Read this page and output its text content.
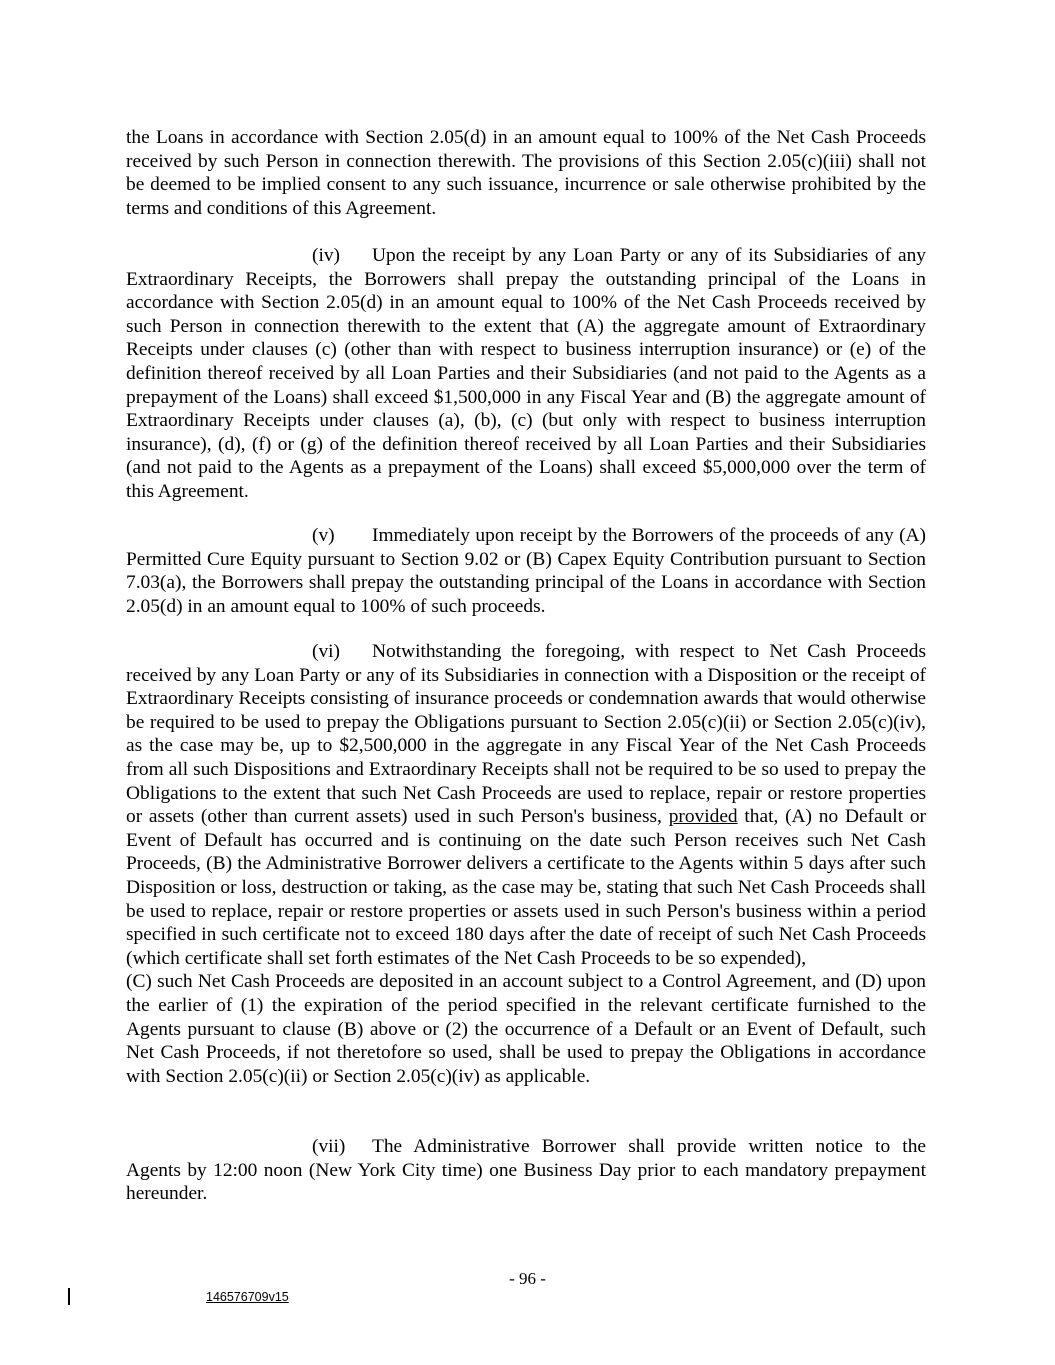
the Loans in accordance with Section 2.05(d) in an amount equal to 100% of the Net Cash Proceeds received by such Person in connection therewith. The provisions of this Section 2.05(c)(iii) shall not be deemed to be implied consent to any such issuance, incurrence or sale otherwise prohibited by the terms and conditions of this Agreement.

(iv) Upon the receipt by any Loan Party or any of its Subsidiaries of any Extraordinary Receipts, the Borrowers shall prepay the outstanding principal of the Loans in accordance with Section 2.05(d) in an amount equal to 100% of the Net Cash Proceeds received by such Person in connection therewith to the extent that (A) the aggregate amount of Extraordinary Receipts under clauses (c) (other than with respect to business interruption insurance) or (e) of the definition thereof received by all Loan Parties and their Subsidiaries (and not paid to the Agents as a prepayment of the Loans) shall exceed $1,500,000 in any Fiscal Year and (B) the aggregate amount of Extraordinary Receipts under clauses (a), (b), (c) (but only with respect to business interruption insurance), (d), (f) or (g) of the definition thereof received by all Loan Parties and their Subsidiaries (and not paid to the Agents as a prepayment of the Loans) shall exceed $5,000,000 over the term of this Agreement.

(v) Immediately upon receipt by the Borrowers of the proceeds of any (A) Permitted Cure Equity pursuant to Section 9.02 or (B) Capex Equity Contribution pursuant to Section 7.03(a), the Borrowers shall prepay the outstanding principal of the Loans in accordance with Section 2.05(d) in an amount equal to 100% of such proceeds.

(vi) Notwithstanding the foregoing, with respect to Net Cash Proceeds received by any Loan Party or any of its Subsidiaries in connection with a Disposition or the receipt of Extraordinary Receipts consisting of insurance proceeds or condemnation awards that would otherwise be required to be used to prepay the Obligations pursuant to Section 2.05(c)(ii) or Section 2.05(c)(iv), as the case may be, up to $2,500,000 in the aggregate in any Fiscal Year of the Net Cash Proceeds from all such Dispositions and Extraordinary Receipts shall not be required to be so used to prepay the Obligations to the extent that such Net Cash Proceeds are used to replace, repair or restore properties or assets (other than current assets) used in such Person's business, provided that, (A) no Default or Event of Default has occurred and is continuing on the date such Person receives such Net Cash Proceeds, (B) the Administrative Borrower delivers a certificate to the Agents within 5 days after such Disposition or loss, destruction or taking, as the case may be, stating that such Net Cash Proceeds shall be used to replace, repair or restore properties or assets used in such Person's business within a period specified in such certificate not to exceed 180 days after the date of receipt of such Net Cash Proceeds (which certificate shall set forth estimates of the Net Cash Proceeds to be so expended),
(C) such Net Cash Proceeds are deposited in an account subject to a Control Agreement, and (D) upon the earlier of (1) the expiration of the period specified in the relevant certificate furnished to the Agents pursuant to clause (B) above or (2) the occurrence of a Default or an Event of Default, such Net Cash Proceeds, if not theretofore so used, shall be used to prepay the Obligations in accordance with Section 2.05(c)(ii) or Section 2.05(c)(iv) as applicable.

(vii) The Administrative Borrower shall provide written notice to the Agents by 12:00 noon (New York City time) one Business Day prior to each mandatory prepayment hereunder.

- 96 -
146576709v15
